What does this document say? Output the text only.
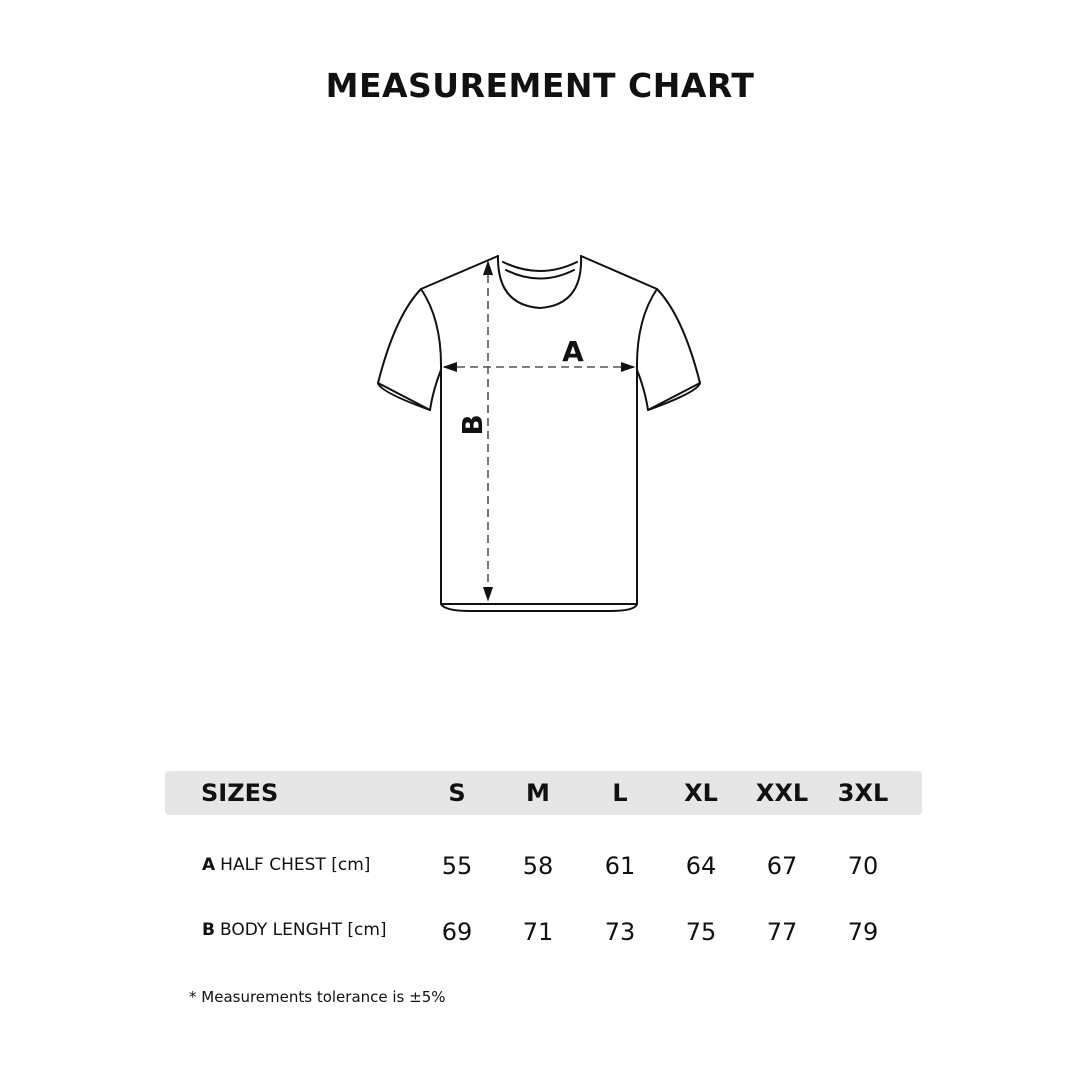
MEASUREMENT CHART
A
B
SIZES	S	M	L	XL	XXL	3XL
A HALF CHEST [cm]	55	58	61	64	67	70
B BODY LENGHT [cm]	69	71	73	75	77	79
* Measurements tolerance is ±5%
